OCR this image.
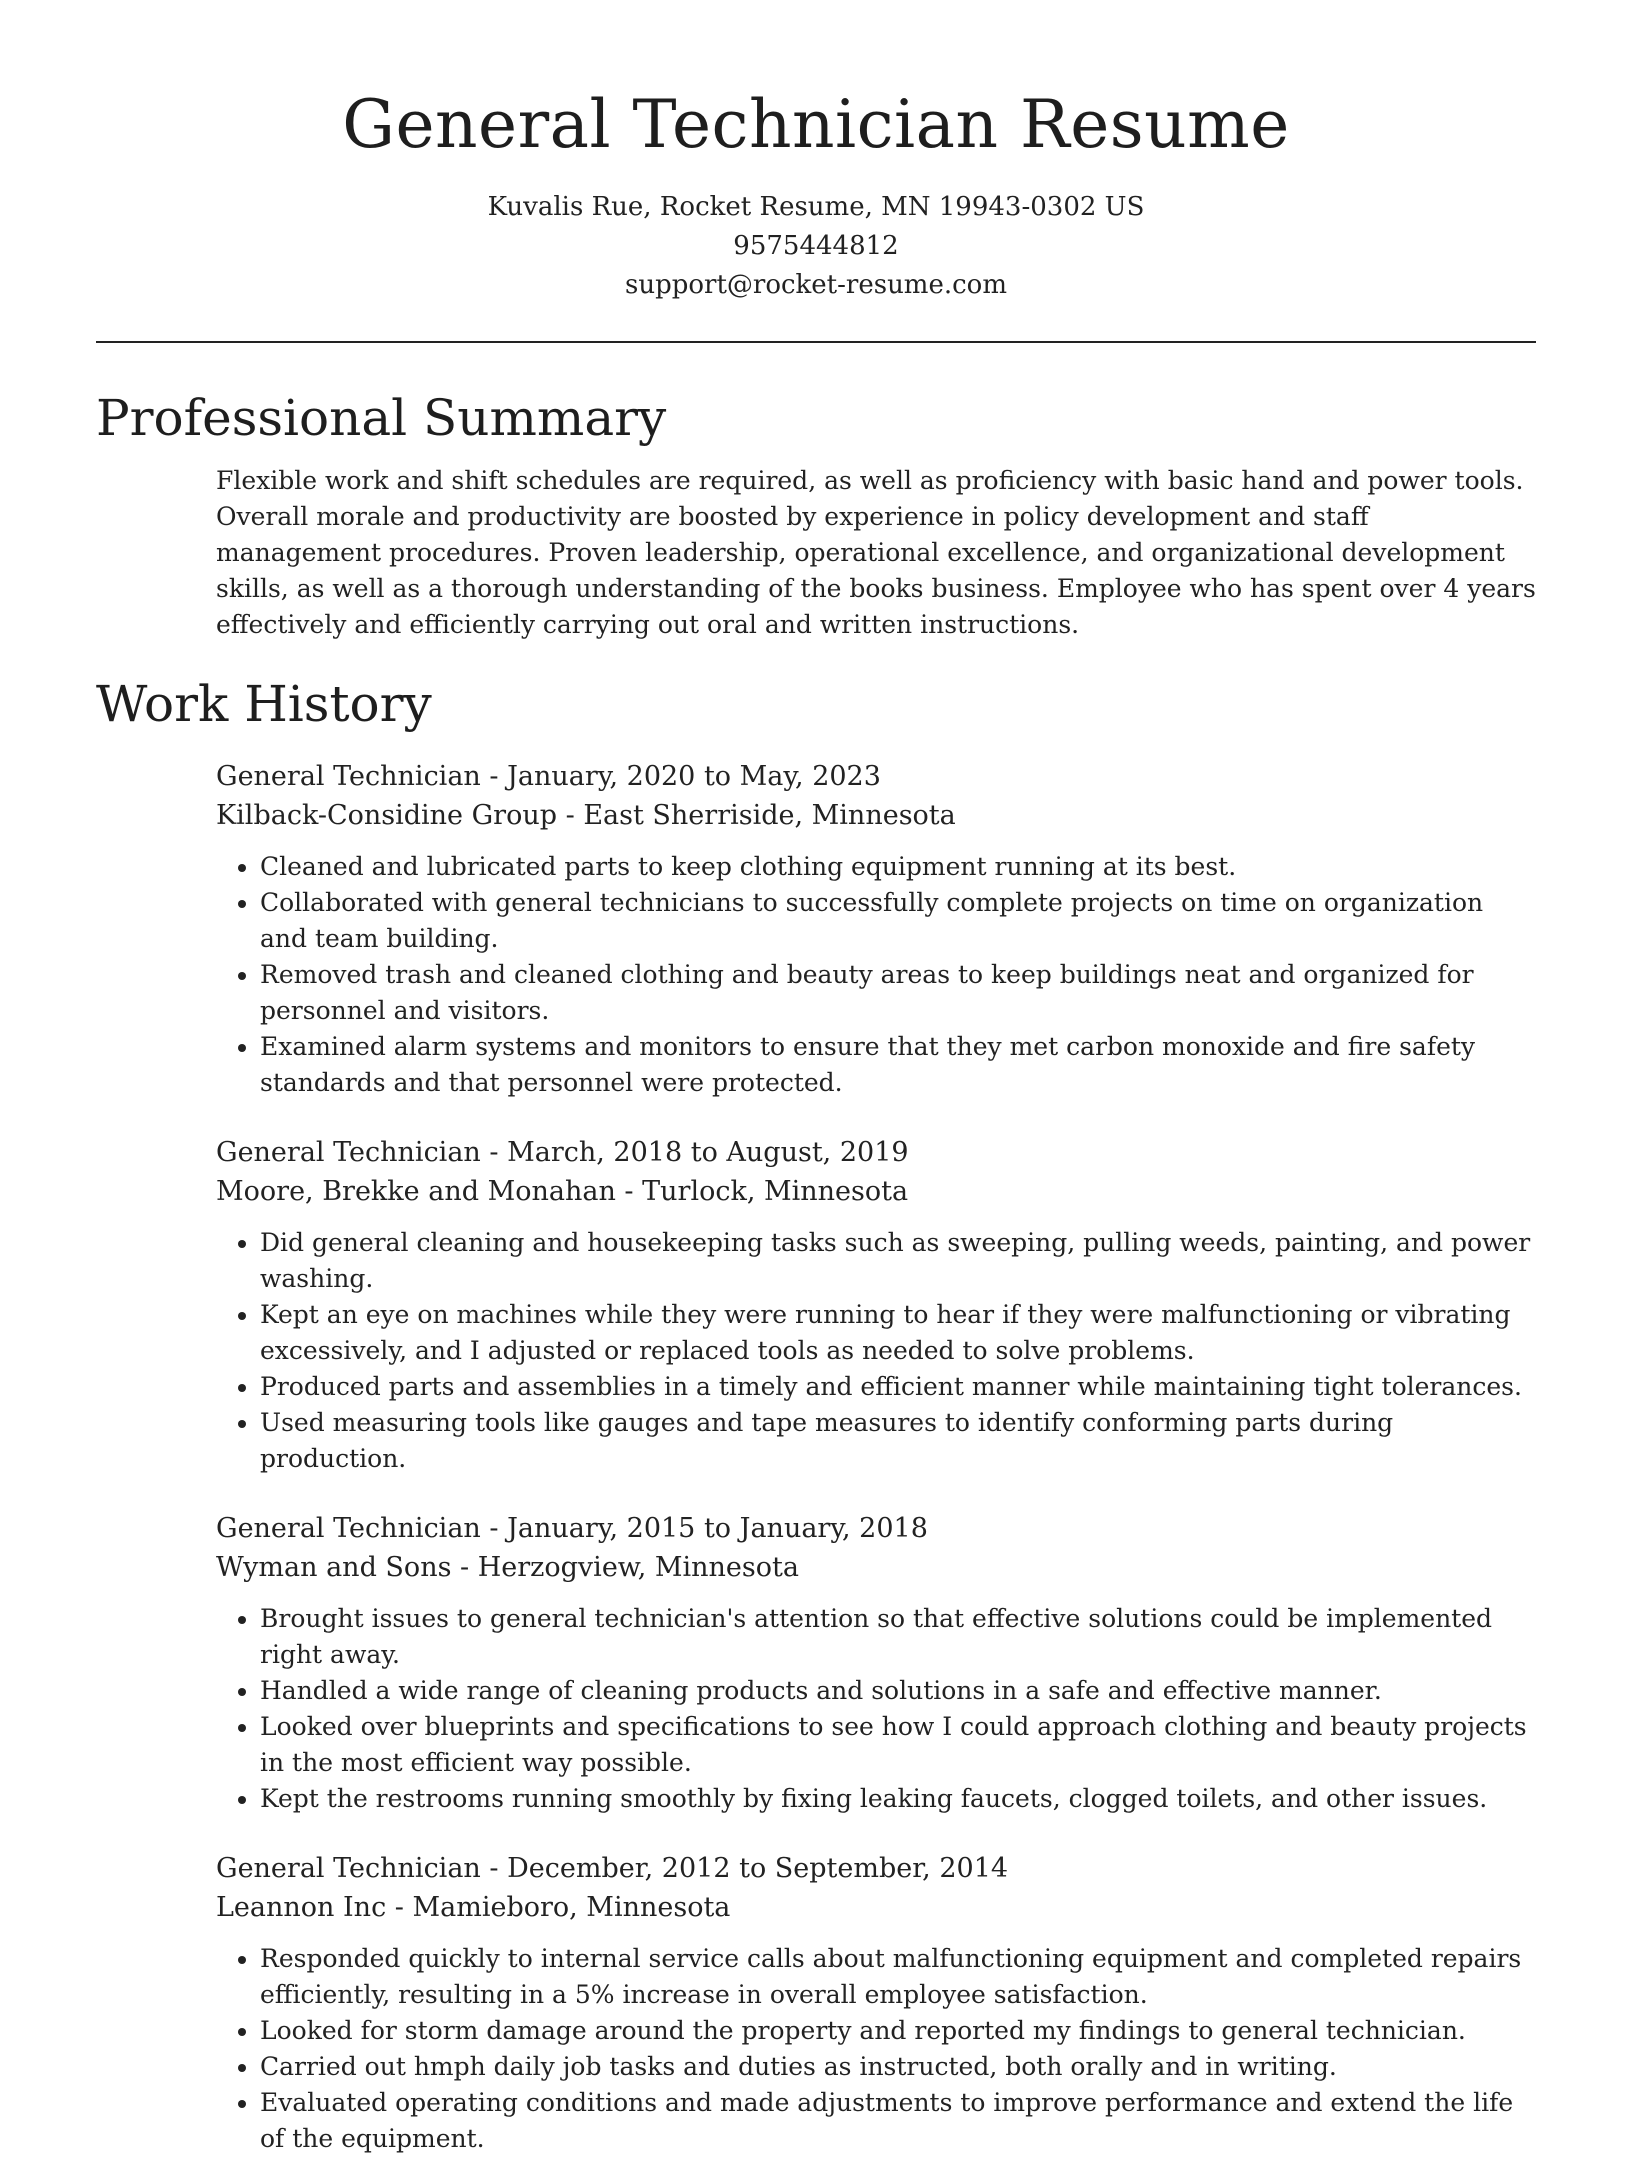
General Technician Resume
Kuvalis Rue, Rocket Resume, MN 19943-0302 US
9575444812
support@rocket-resume.com
Professional Summary
Flexible work and shift schedules are required, as well as proficiency with basic hand and power tools. Overall morale and productivity are boosted by experience in policy development and staff management procedures. Proven leadership, operational excellence, and organizational development skills, as well as a thorough understanding of the books business. Employee who has spent over 4 years effectively and efficiently carrying out oral and written instructions.
Work History
General Technician - January, 2020 to May, 2023
Kilback-Considine Group - East Sherriside, Minnesota
• Cleaned and lubricated parts to keep clothing equipment running at its best.
• Collaborated with general technicians to successfully complete projects on time on organization and team building.
• Removed trash and cleaned clothing and beauty areas to keep buildings neat and organized for personnel and visitors.
• Examined alarm systems and monitors to ensure that they met carbon monoxide and fire safety standards and that personnel were protected.
General Technician - March, 2018 to August, 2019
Moore, Brekke and Monahan - Turlock, Minnesota
• Did general cleaning and housekeeping tasks such as sweeping, pulling weeds, painting, and power washing.
• Kept an eye on machines while they were running to hear if they were malfunctioning or vibrating excessively, and I adjusted or replaced tools as needed to solve problems.
• Produced parts and assemblies in a timely and efficient manner while maintaining tight tolerances.
• Used measuring tools like gauges and tape measures to identify conforming parts during production.
General Technician - January, 2015 to January, 2018
Wyman and Sons - Herzogview, Minnesota
• Brought issues to general technician's attention so that effective solutions could be implemented right away.
• Handled a wide range of cleaning products and solutions in a safe and effective manner.
• Looked over blueprints and specifications to see how I could approach clothing and beauty projects in the most efficient way possible.
• Kept the restrooms running smoothly by fixing leaking faucets, clogged toilets, and other issues.
General Technician - December, 2012 to September, 2014
Leannon Inc - Mamieboro, Minnesota
• Responded quickly to internal service calls about malfunctioning equipment and completed repairs efficiently, resulting in a 5% increase in overall employee satisfaction.
• Looked for storm damage around the property and reported my findings to general technician.
• Carried out hmph daily job tasks and duties as instructed, both orally and in writing.
• Evaluated operating conditions and made adjustments to improve performance and extend the life of the equipment.
